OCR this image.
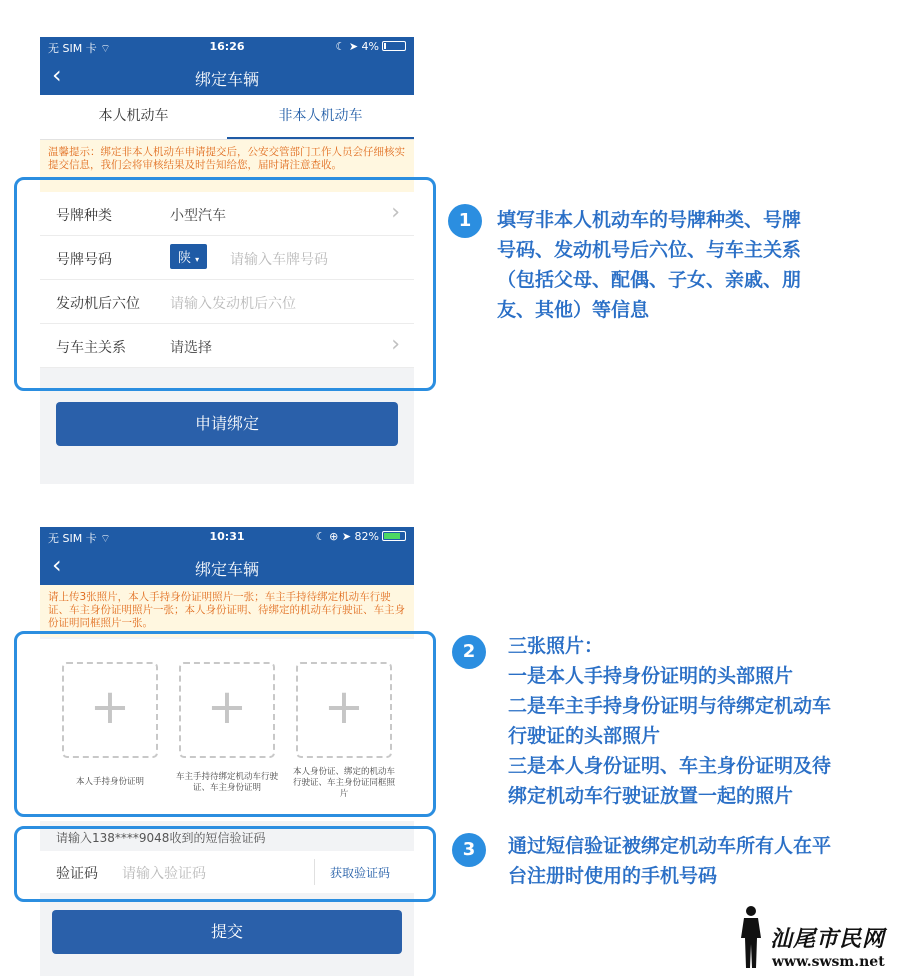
无 SIM 卡 ⌔	16:26	☾ ➤ 4%
‹	绑定车辆
本人机动车	非本人机动车
温馨提示：绑定非本人机动车申请提交后，公安交管部门工作人员会仔细核实提交信息，我们会将审核结果及时告知给您，届时请注意查收。
号牌种类	小型汽车	›
号牌号码	陕 ▾	请输入车牌号码
发动机后六位 请输入发动机后六位
与车主关系	请选择	›
申请绑定
1	填写非本人机动车的号牌种类、号牌
号码、发动机号后六位、与车主关系
（包括父母、配偶、子女、亲戚、朋
友、其他）等信息
无 SIM 卡 ⌔	10:31	☾ ⊕ ➤ 82%
‹	绑定车辆
请上传3张照片，本人手持身份证明照片一张；车主手持待绑定机动车行驶证、车主身份证明照片一张；本人身份证明、待绑定的机动车行驶证、车主身份证明同框照片一张。
+	+	+
本人手持身份证明	车主手持待绑定机动车行驶证、车主身份证明
本人身份证、绑定的机动车行驶证、车主身份证同框照片
请输入138****9048收到的短信验证码
验证码 请输入验证码	获取验证码
提交
2	三张照片：
一是本人手持身份证明的头部照片
二是车主手持身份证明与待绑定机动车
行驶证的头部照片
三是本人身份证明、车主身份证明及待
绑定机动车行驶证放置一起的照片
3	通过短信验证被绑定机动车所有人在平
台注册时使用的手机号码
汕尾市民网
www.swsm.net
